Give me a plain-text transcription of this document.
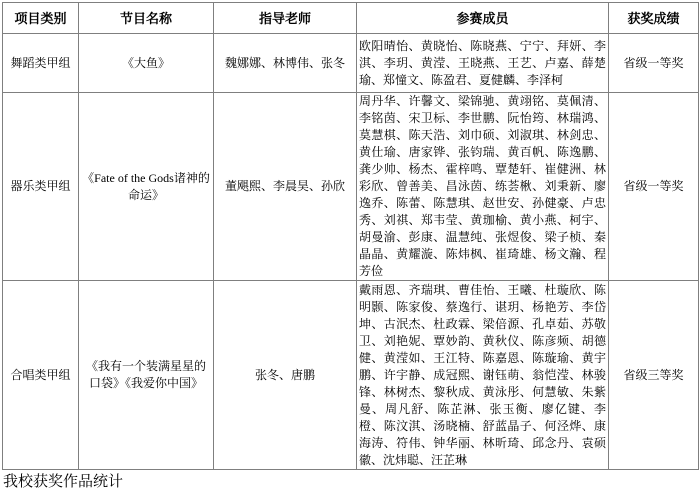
项目类别	节目名称	指导老师	参赛成员	获奖成绩
舞蹈类甲组	《大鱼》	魏娜娜、林博伟、张冬	欧阳晴怡、黄晓怡、陈晓燕、宁宁、拜妍、李淇、李玥、黄滢、王晓燕、王艺、卢嘉、薛楚瑜、郑憧文、陈盈君、夏健麟、李泽柯	省级一等奖
器乐类甲组	《Fate of the Gods诸神的命运》	董飓熙、李晨昊、孙欣	周丹华、许馨文、梁锦驰、黄翊铭、莫佩清、李铭茵、宋卫标、李世鹏、阮怡筠、林瑞鸿、莫慧棋、陈天浩、刘巾硕、刘淑琪、林剑忠、黄仕瑜、唐家铧、张钧瑞、黄百帆、陈逸鹏、龚少帅、杨杰、霍梓鸣、覃楚轩、崔健洲、林彩欣、曾善美、昌泳茵、练荟楸、刘秉新、廖逸乔、陈蕾、陈慧琪、赵世安、孙健豪、卢忠秀、刘祺、郑韦莹、黄珈榆、黄小燕、柯宇、胡曼渝、彭康、温慧纯、张煜俊、梁子桢、秦晶晶、黄耀漩、陈炜枫、崔琦雄、杨文瀚、程芳俭	省级一等奖
合唱类甲组	《我有一个装满星星的口袋》《我爱你中国》	张冬、唐鹏	戴雨恩、齐瑞琪、曹佳怡、王曦、杜璇欣、陈明颢、陈家俊、蔡逸行、谌玥、杨艳芳、李岱坤、古泯杰、杜政霖、梁倍源、孔卓茹、苏敬卫、刘艳妮、覃妙韵、黄秋仪、陈彦频、胡德健、黄滢如、王江特、陈嘉恩、陈璇瑜、黄宇鹏、许宇静、成冠熙、谢钰萌、翁恺滢、林骏锋、林树杰、黎秋成、黄泳彤、何慧敏、朱紫曼、周凡舒、陈芷淋、张玉衡、廖亿键、李橙、陈汶淇、汤晓楠、舒蓝晶子、何泾烨、康海涛、符伟、钟华丽、林昕琦、邱念丹、袁硕徽、沈炜聪、汪芷琳	省级三等奖
我校获奖作品统计
